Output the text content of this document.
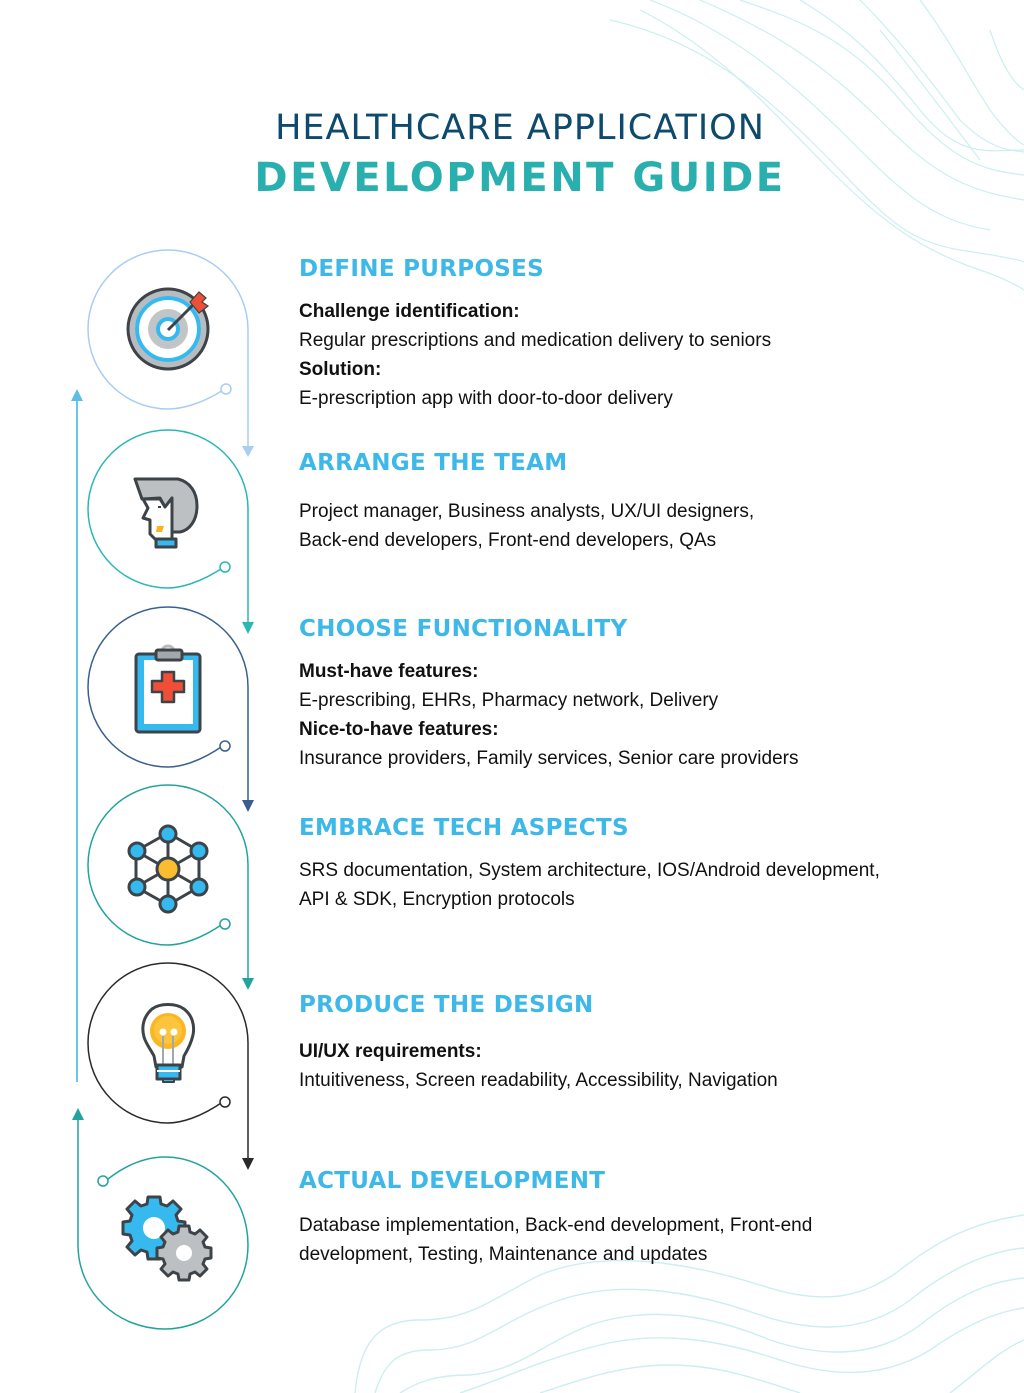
HEALTHCARE APPLICATION
DEVELOPMENT GUIDE
DEFINE PURPOSES
Challenge identification:
Regular prescriptions and medication delivery to seniors
Solution:
E-prescription app with door-to-door delivery
ARRANGE THE TEAM
Project manager, Business analysts, UX/UI designers,
Back-end developers, Front-end developers, QAs
CHOOSE FUNCTIONALITY
Must-have features:
E-prescribing, EHRs, Pharmacy network, Delivery
Nice-to-have features:
Insurance providers, Family services, Senior care providers
EMBRACE TECH ASPECTS
SRS documentation, System architecture, IOS/Android development,
API & SDK, Encryption protocols
PRODUCE THE DESIGN
UI/UX requirements:
Intuitiveness, Screen readability, Accessibility, Navigation
ACTUAL DEVELOPMENT
Database implementation, Back-end development, Front-end
development, Testing, Maintenance and updates
